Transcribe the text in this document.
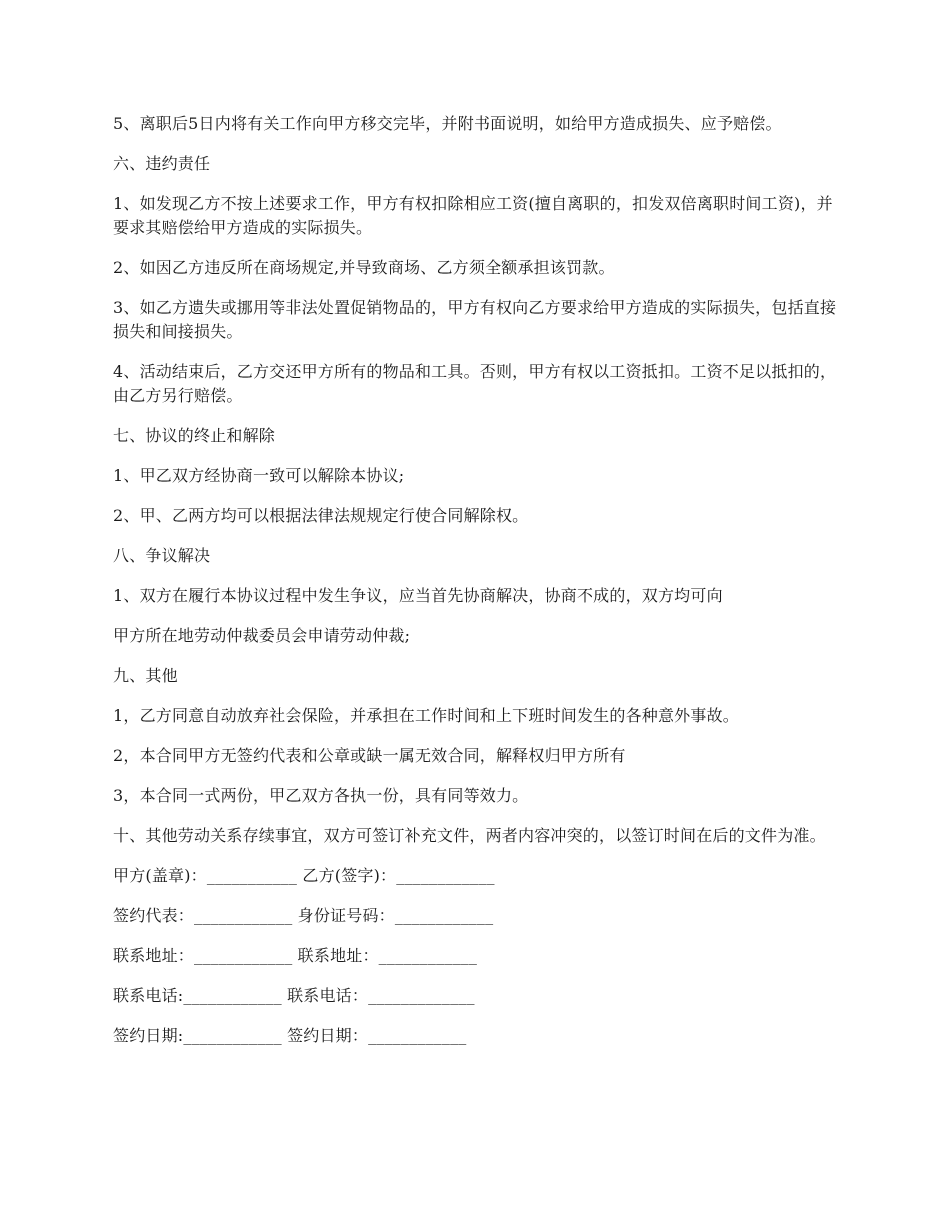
5、离职后5日内将有关工作向甲方移交完毕，并附书面说明，如给甲方造成损失、应予赔偿。

六、违约责任

1、如发现乙方不按上述要求工作，甲方有权扣除相应工资(擅自离职的，扣发双倍离职时间工资)，并要求其赔偿给甲方造成的实际损失。

2、如因乙方违反所在商场规定,并导致商场、乙方须全额承担该罚款。

3、如乙方遗失或挪用等非法处置促销物品的，甲方有权向乙方要求给甲方造成的实际损失，包括直接损失和间接损失。

4、活动结束后，乙方交还甲方所有的物品和工具。否则，甲方有权以工资抵扣。工资不足以抵扣的，由乙方另行赔偿。

七、协议的终止和解除

1、甲乙双方经协商一致可以解除本协议;

2、甲、乙两方均可以根据法律法规规定行使合同解除权。

八、争议解决

1、双方在履行本协议过程中发生争议，应当首先协商解决，协商不成的，双方均可向

甲方所在地劳动仲裁委员会申请劳动仲裁;

九、其他

1，乙方同意自动放弃社会保险，并承担在工作时间和上下班时间发生的各种意外事故。

2，本合同甲方无签约代表和公章或缺一属无效合同，解释权归甲方所有

3，本合同一式两份，甲乙双方各执一份，具有同等效力。

十、其他劳动关系存续事宜，双方可签订补充文件，两者内容冲突的，以签订时间在后的文件为准。

甲方(盖章)：___________ 乙方(签字)：____________
签约代表：____________ 身份证号码：____________
联系地址：____________ 联系地址：____________
联系电话:____________ 联系电话：_____________
签约日期:____________ 签约日期：____________
